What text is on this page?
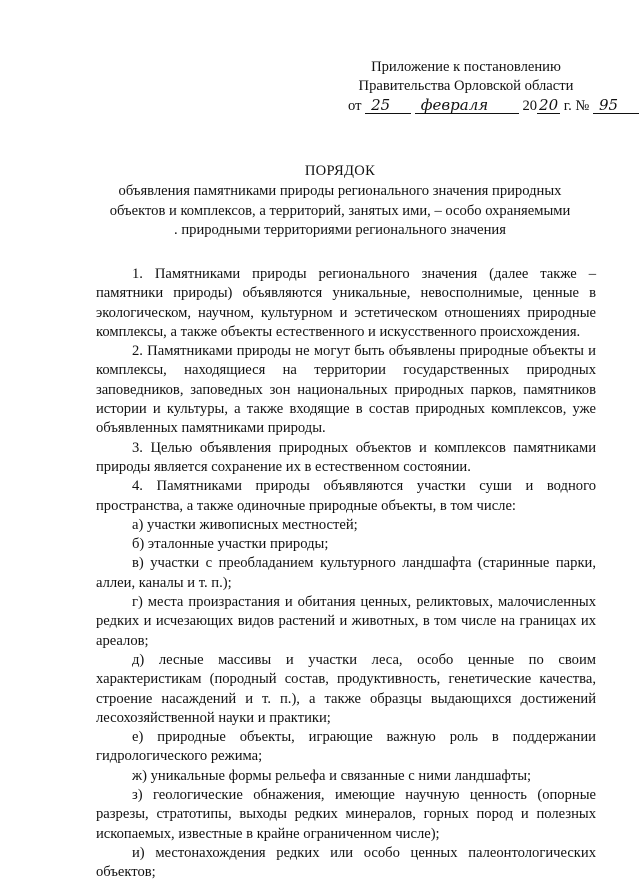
Приложение к постановлению
Правительства Орловской области
от 25 февраля 20 20 г. № 95
ПОРЯДОК
объявления памятниками природы регионального значения природных
объектов и комплексов, а территорий, занятых ими, – особо охраняемыми
. природными территориями регионального значения

1. Памятниками природы регионального значения (далее также – памятники природы) объявляются уникальные, невосполнимые, ценные в экологическом, научном, культурном и эстетическом отношениях природные комплексы, а также объекты естественного и искусственного происхождения.

2. Памятниками природы не могут быть объявлены природные объекты и комплексы, находящиеся на территории государственных природных заповедников, заповедных зон национальных природных парков, памятников истории и культуры, а также входящие в состав природных комплексов, уже объявленных памятниками природы.

3. Целью объявления природных объектов и комплексов памятниками природы является сохранение их в естественном состоянии.

4. Памятниками природы объявляются участки суши и водного пространства, а также одиночные природные объекты, в том числе:

а) участки живописных местностей;

б) эталонные участки природы;

в) участки с преобладанием культурного ландшафта (старинные парки, аллеи, каналы и т. п.);

г) места произрастания и обитания ценных, реликтовых, малочисленных редких и исчезающих видов растений и животных, в том числе на границах их ареалов;

д) лесные массивы и участки леса, особо ценные по своим характеристикам (породный состав, продуктивность, генетические качества, строение насаждений и т. п.), а также образцы выдающихся достижений лесохозяйственной науки и практики;

е) природные объекты, играющие важную роль в поддержании гидрологического режима;

ж) уникальные формы рельефа и связанные с ними ландшафты;

з) геологические обнажения, имеющие научную ценность (опорные разрезы, стратотипы, выходы редких минералов, горных пород и полезных ископаемых, известные в крайне ограниченном числе);

и) местонахождения редких или особо ценных палеонтологических объектов;
